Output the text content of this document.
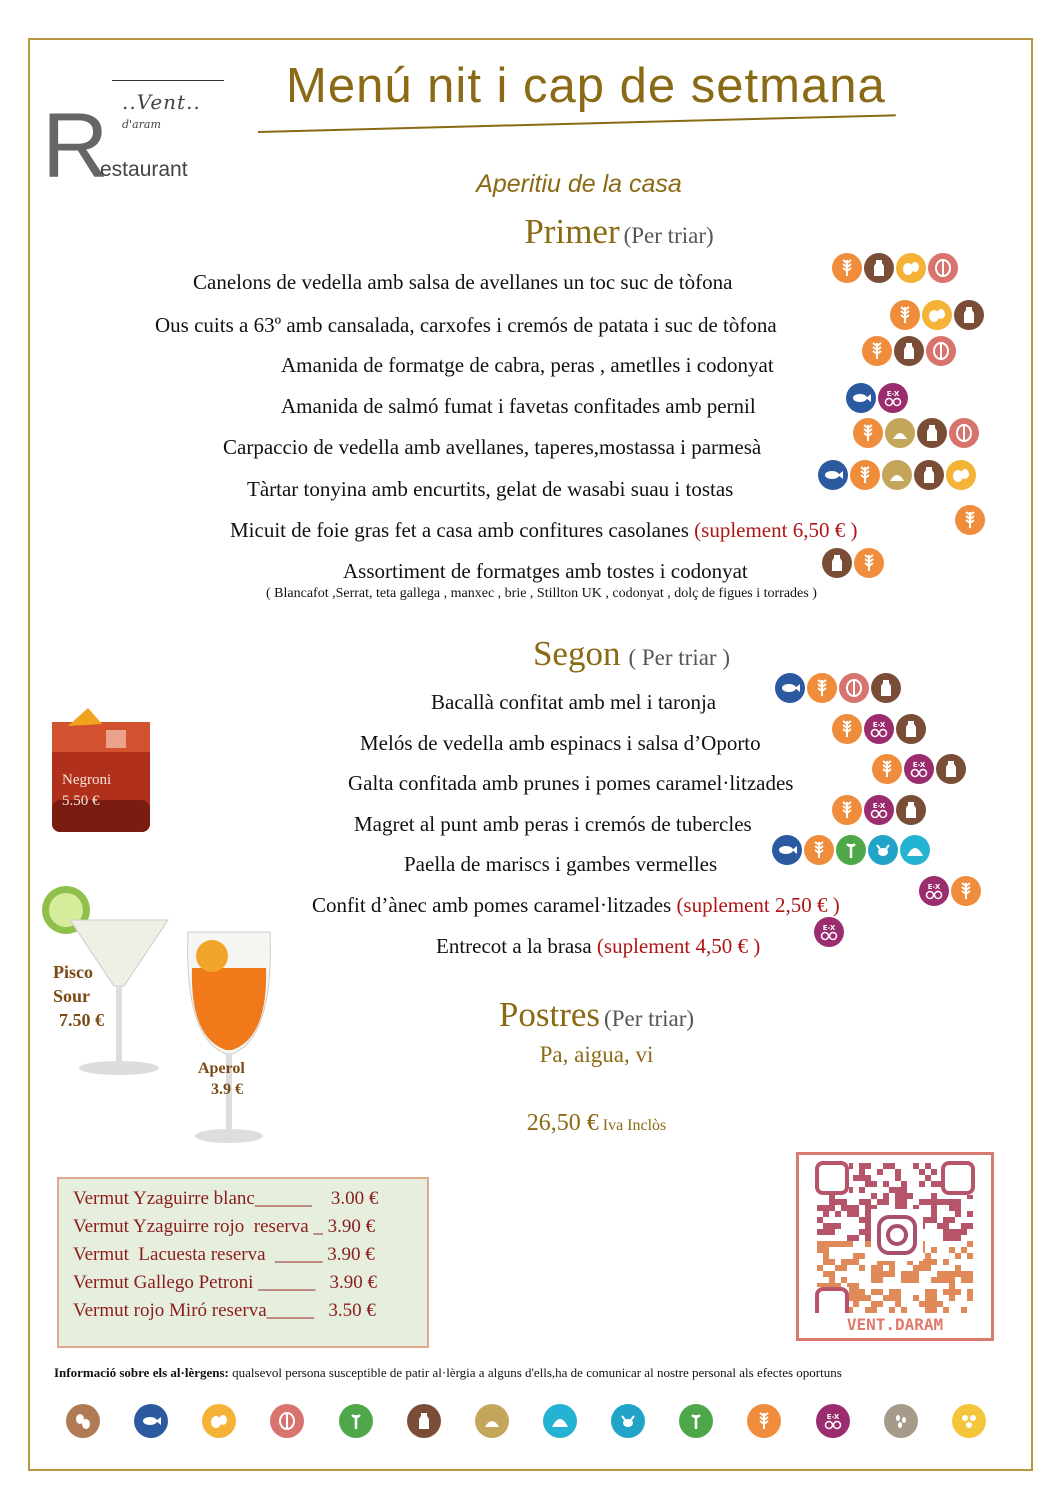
..Vent..
d'aram
R
estaurant
Menú nit i cap de setmana
Aperitiu de la casa
Primer (Per triar)
Canelons de vedella amb salsa de avellanes un toc suc de tòfona
Ous cuits a 63º amb cansalada, carxofes i cremós de patata i suc de tòfona
Amanida de formatge de cabra, peras , ametlles i codonyat
Amanida de salmó fumat i favetas confitades amb pernil	E-X
Carpaccio de vedella amb avellanes, taperes,mostassa i parmesà
Tàrtar tonyina amb encurtits, gelat de wasabi suau i tostas
Micuit de foie gras fet a casa amb confitures casolanes (suplement 6,50 € )
Assortiment de formatges amb tostes i codonyat
( Blancafot ,Serrat, teta gallega , manxec , brie , Stillton UK , codonyat , dolç de figues i torrades )
Segon ( Per triar )
Bacallà confitat amb mel i taronja
Melós de vedella amb espinacs i salsa d’Oporto
E-X
Galta confitada amb prunes i pomes caramel·litzades
E-X
Magret al punt amb peras i cremós de tubercles
E-X
Paella de mariscs i gambes vermelles
Confit d’ànec amb pomes caramel·litzades (suplement 2,50 € )
E-X
Entrecot a la brasa (suplement 4,50 € )
E-X
Postres (Per triar)
Pa, aigua, vi
26,50 € Iva Inclòs
Negroni
5.50 €
Pisco Sour
7.50 €
Aperol
3.9 €
Vermut Yzaguirre blanc______    3.00 €
Vermut Yzaguirre rojo  reserva _ 3.90 €
Vermut  Lacuesta reserva  _____ 3.90 €
Vermut Gallego Petroni ______   3.90 €
Vermut rojo Miró reserva_____   3.50 €
VENT.DARAM
Informació sobre els al·lèrgens: qualsevol persona susceptible de patir al·lèrgia a alguns d'ells,ha de comunicar al nostre personal als efectes oportuns
E-X
